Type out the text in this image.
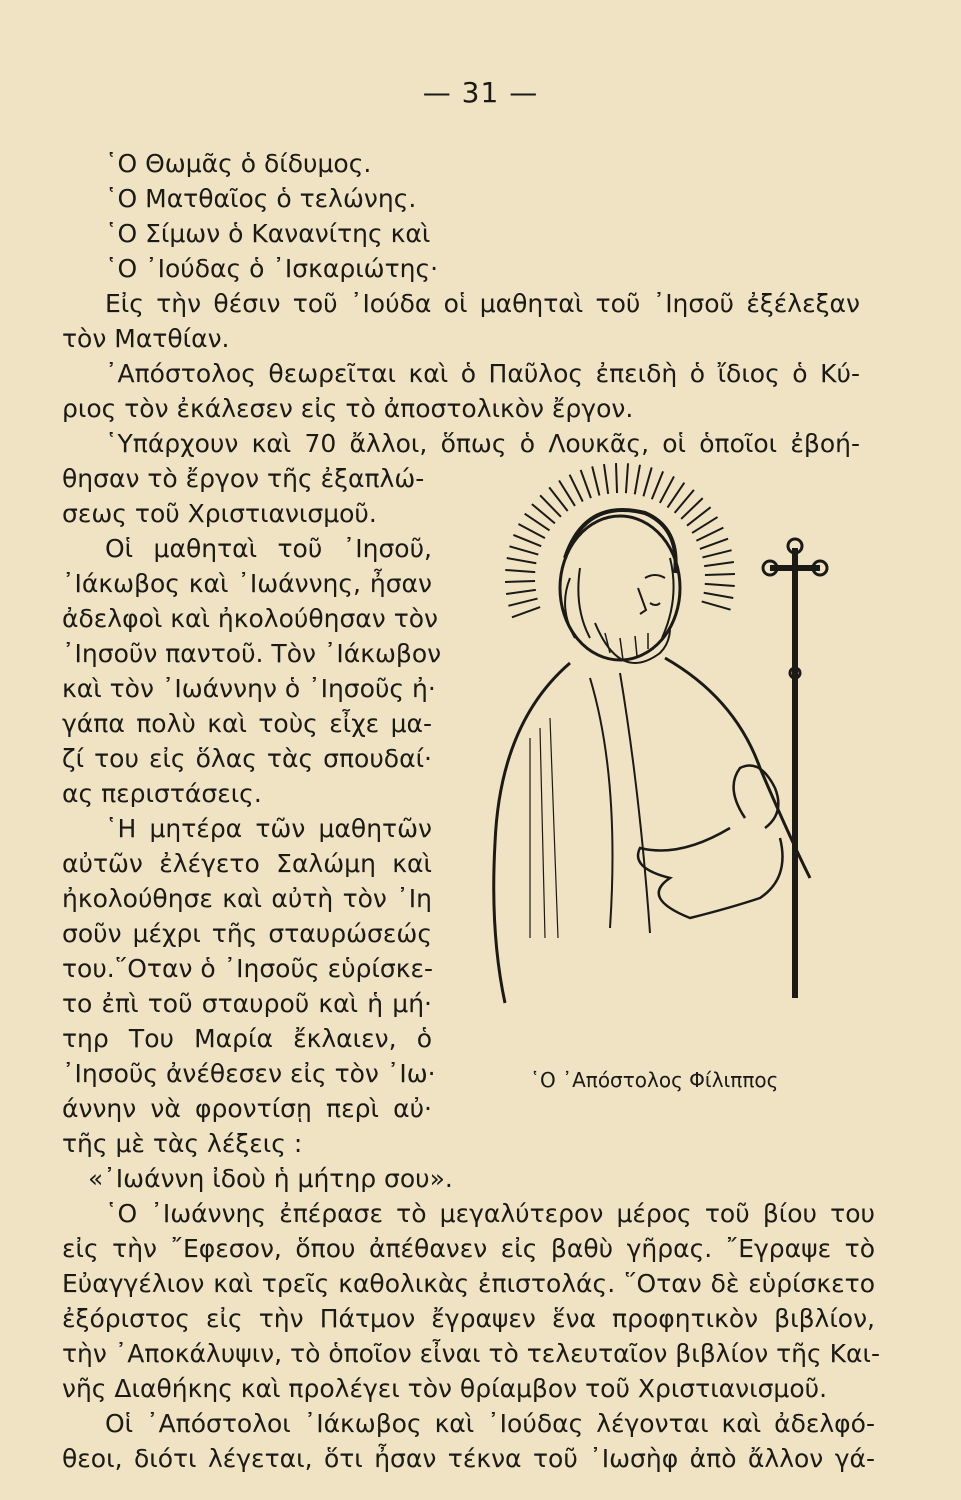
— 31 —
῾Ο Θωμᾶς ὁ δίδυμος.
῾Ο Ματθαῖος ὁ τελώνης.
῾Ο Σίμων ὁ Κανανίτης καὶ
῾Ο ᾿Ιούδας ὁ ᾿Ισκαριώτης·
Εἰς τὴν θέσιν τοῦ ᾿Ιούδα οἱ μαθηταὶ τοῦ ᾿Ιησοῦ ἐξέλεξαν
τὸν Ματθίαν.
᾿Απόστολος θεωρεῖται καὶ ὁ Παῦλος ἐπειδὴ ὁ ἴδιος ὁ Κύ-
ριος τὸν ἐκάλεσεν εἰς τὸ ἀποστολικὸν ἔργον.
῾Υπάρχουν καὶ 70 ἄλλοι, ὅπως ὁ Λουκᾶς, οἱ ὁποῖοι ἐβοή-
θησαν τὸ ἔργον τῆς ἐξαπλώ-
σεως τοῦ Χριστιανισμοῦ.
Οἱ μαθηταὶ τοῦ ᾿Ιησοῦ,
᾿Ιάκωβος καὶ ᾿Ιωάννης, ἦσαν
ἀδελφοὶ καὶ ἠκολούθησαν τὸν
᾿Ιησοῦν παντοῦ. Τὸν ᾿Ιάκωβον
καὶ τὸν ᾿Ιωάννην ὁ ᾿Ιησοῦς ἠ·
γάπα πολὺ καὶ τοὺς εἶχε μα-
ζί του εἰς ὅλας τὰς σπουδαί·
ας περιστάσεις.
῾Η μητέρα τῶν μαθητῶν
αὐτῶν ἐλέγετο Σαλώμη καὶ
ἠκολούθησε καὶ αὐτὴ τὸν ᾿Ιη
σοῦν μέχρι τῆς σταυρώσεώς
του.῞Οταν ὁ ᾿Ιησοῦς εὑρίσκε-
το ἐπὶ τοῦ σταυροῦ καὶ ἡ μή·
τηρ Του Μαρία ἔκλαιεν, ὁ
᾿Ιησοῦς ἀνέθεσεν εἰς τὸν ᾿Ιω·
άννην νὰ φροντίσῃ περὶ αὐ·
τῆς μὲ τὰς λέξεις :
«᾿Ιωάννη ἰδοὺ ἡ μήτηρ σου».
῾Ο ᾿Ιωάννης ἐπέρασε τὸ μεγαλύτερον μέρος τοῦ βίου του
εἰς τὴν ῎Εφεσον, ὅπου ἀπέθανεν εἰς βαθὺ γῆρας. ῎Εγραψε τὸ
Εὐαγγέλιον καὶ τρεῖς καθολικὰς ἐπιστολάς. ῞Οταν δὲ εὑρίσκετο
ἐξόριστος εἰς τὴν Πάτμον ἔγραψεν ἕνα προφητικὸν βιβλίον,
τὴν ᾿Αποκάλυψιν, τὸ ὁποῖον εἶναι τὸ τελευταῖον βιβλίον τῆς Και-
νῆς Διαθήκης καὶ προλέγει τὸν θρίαμβον τοῦ Χριστιανισμοῦ.
Οἱ ᾿Απόστολοι ᾿Ιάκωβος καὶ ᾿Ιούδας λέγονται καὶ ἀδελφό-
θεοι, διότι λέγεται, ὅτι ἦσαν τέκνα τοῦ ᾿Ιωσὴφ ἀπὸ ἄλλον γά-
῾Ο ᾿Απόστολος Φίλιππος
